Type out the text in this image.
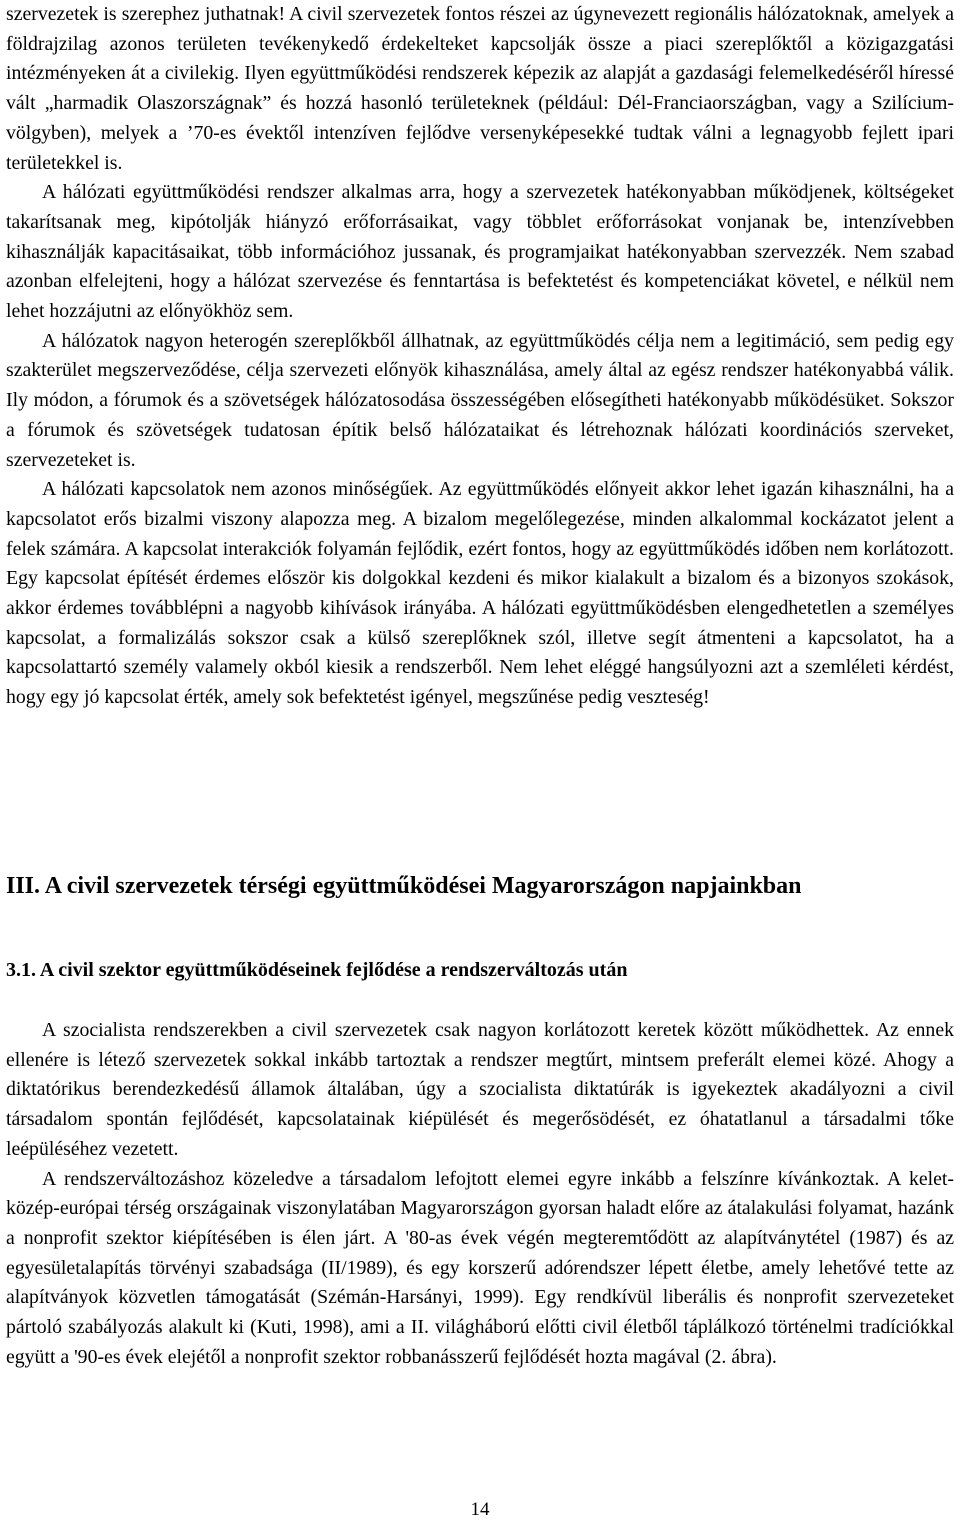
szervezetek is szerephez juthatnak! A civil szervezetek fontos részei az úgynevezett regionális hálózatoknak, amelyek a földrajzilag azonos területen tevékenykedő érdekelteket kapcsolják össze a piaci szereplőktől a közigazgatási intézményeken át a civilekig. Ilyen együttműködési rendszerek képezik az alapját a gazdasági felemelkedéséről híressé vált „harmadik Olaszországnak” és hozzá hasonló területeknek (például: Dél-Franciaországban, vagy a Szilícium-völgyben), melyek a ’70-es évektől intenzíven fejlődve versenyképesekké tudtak válni a legnagyobb fejlett ipari területekkel is.

A hálózati együttműködési rendszer alkalmas arra, hogy a szervezetek hatékonyabban működjenek, költségeket takarítsanak meg, kipótolják hiányzó erőforrásaikat, vagy többlet erőforrásokat vonjanak be, intenzívebben kihasználják kapacitásaikat, több információhoz jussanak, és programjaikat hatékonyabban szervezzék. Nem szabad azonban elfelejteni, hogy a hálózat szervezése és fenntartása is befektetést és kompetenciákat követel, e nélkül nem lehet hozzájutni az előnyökhöz sem.

A hálózatok nagyon heterogén szereplőkből állhatnak, az együttműködés célja nem a legitimáció, sem pedig egy szakterület megszerveződése, célja szervezeti előnyök kihasználása, amely által az egész rendszer hatékonyabbá válik. Ily módon, a fórumok és a szövetségek hálózatosodása összességében elősegítheti hatékonyabb működésüket. Sokszor a fórumok és szövetségek tudatosan építik belső hálózataikat és létrehoznak hálózati koordinációs szerveket, szervezeteket is.

A hálózati kapcsolatok nem azonos minőségűek. Az együttműködés előnyeit akkor lehet igazán kihasználni, ha a kapcsolatot erős bizalmi viszony alapozza meg. A bizalom megelőlegezése, minden alkalommal kockázatot jelent a felek számára. A kapcsolat interakciók folyamán fejlődik, ezért fontos, hogy az együttműködés időben nem korlátozott. Egy kapcsolat építését érdemes először kis dolgokkal kezdeni és mikor kialakult a bizalom és a bizonyos szokások, akkor érdemes továbblépni a nagyobb kihívások irányába. A hálózati együttműködésben elengedhetetlen a személyes kapcsolat, a formalizálás sokszor csak a külső szereplőknek szól, illetve segít átmenteni a kapcsolatot, ha a kapcsolattartó személy valamely okból kiesik a rendszerből. Nem lehet eléggé hangsúlyozni azt a szemléleti kérdést, hogy egy jó kapcsolat érték, amely sok befektetést igényel, megszűnése pedig veszteség!

III. A civil szervezetek térségi együttműködései Magyarországon napjainkban
3.1. A civil szektor együttműködéseinek fejlődése a rendszerváltozás után

A szocialista rendszerekben a civil szervezetek csak nagyon korlátozott keretek között működhettek. Az ennek ellenére is létező szervezetek sokkal inkább tartoztak a rendszer megtűrt, mintsem preferált elemei közé. Ahogy a diktatórikus berendezkedésű államok általában, úgy a szocialista diktatúrák is igyekeztek akadályozni a civil társadalom spontán fejlődését, kapcsolatainak kiépülését és megerősödését, ez óhatatlanul a társadalmi tőke leépüléséhez vezetett.

A rendszerváltozáshoz közeledve a társadalom lefojtott elemei egyre inkább a felszínre kívánkoztak. A kelet-közép-európai térség országainak viszonylatában Magyarországon gyorsan haladt előre az átalakulási folyamat, hazánk a nonprofit szektor kiépítésében is élen járt. A '80-as évek végén megteremtődött az alapítványtétel (1987) és az egyesületalapítás törvényi szabadsága (II/1989), és egy korszerű adórendszer lépett életbe, amely lehetővé tette az alapítványok közvetlen támogatását (Szémán-Harsányi, 1999). Egy rendkívül liberális és nonprofit szervezeteket pártoló szabályozás alakult ki (Kuti, 1998), ami a II. világháború előtti civil életből táplálkozó történelmi tradíciókkal együtt a '90-es évek elejétől a nonprofit szektor robbanásszerű fejlődését hozta magával (2. ábra).

14
